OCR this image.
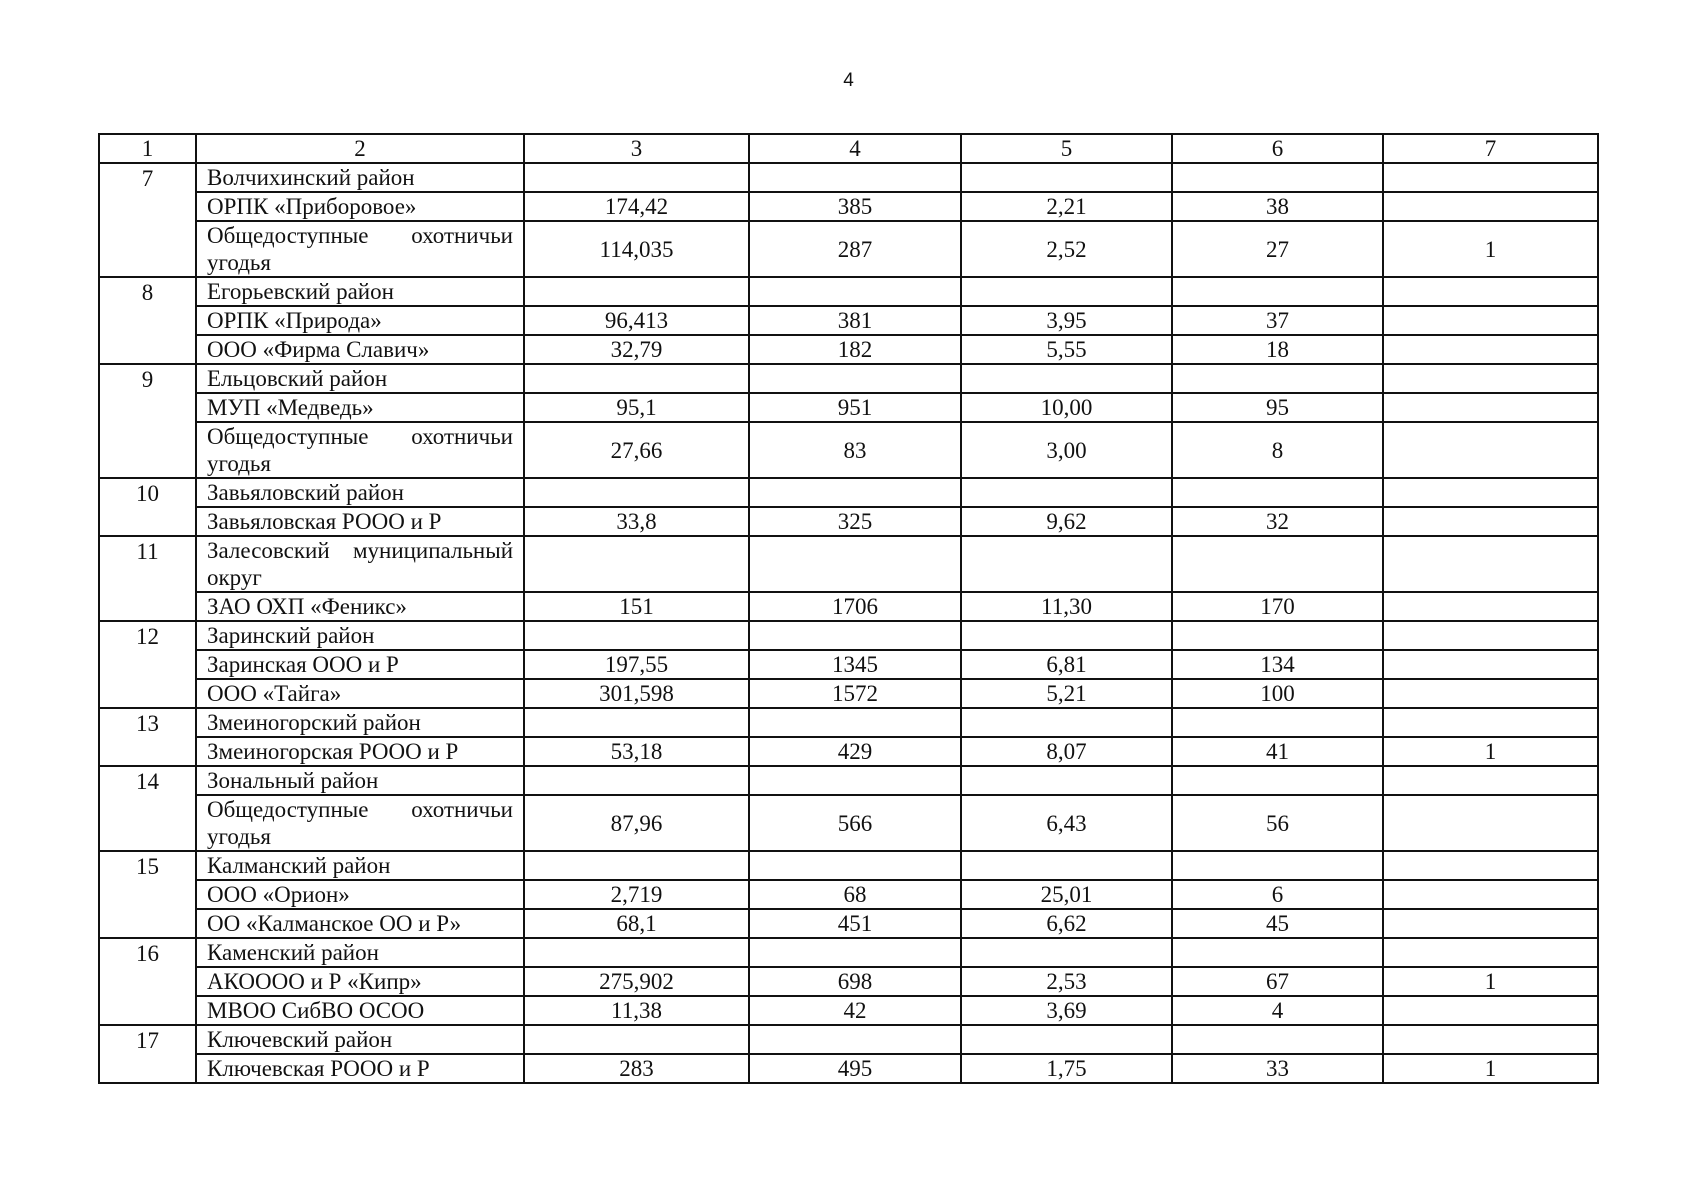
4
1	2	3	4	5	6	7
7	Волчихинский район					
	ОРПК «Приборовое»	174,42	385	2,21	38	
	Общедоступные охотничьи угодья	114,035	287	2,52	27	1
8	Егорьевский район					
	ОРПК «Природа»	96,413	381	3,95	37	
	ООО «Фирма Славич»	32,79	182	5,55	18	
9	Ельцовский район					
	МУП «Медведь»	95,1	951	10,00	95	
	Общедоступные охотничьи угодья	27,66	83	3,00	8	
10	Завьяловский район					
	Завьяловская РООО и Р	33,8	325	9,62	32	
11	Залесовский муниципальный округ					
	ЗАО ОХП «Феникс»	151	1706	11,30	170	
12	Заринский район					
	Заринская ООО и Р	197,55	1345	6,81	134	
	ООО «Тайга»	301,598	1572	5,21	100	
13	Змеиногорский район					
	Змеиногорская РООО и Р	53,18	429	8,07	41	1
14	Зональный район					
	Общедоступные охотничьи угодья	87,96	566	6,43	56	
15	Калманский район					
	ООО «Орион»	2,719	68	25,01	6	
	ОО «Калманское ОО и Р»	68,1	451	6,62	45	
16	Каменский район					
	АКОООО и Р «Кипр»	275,902	698	2,53	67	1
	МВОО СибВО ОСОО	11,38	42	3,69	4	
17	Ключевский район					
	Ключевская РООО и Р	283	495	1,75	33	1
